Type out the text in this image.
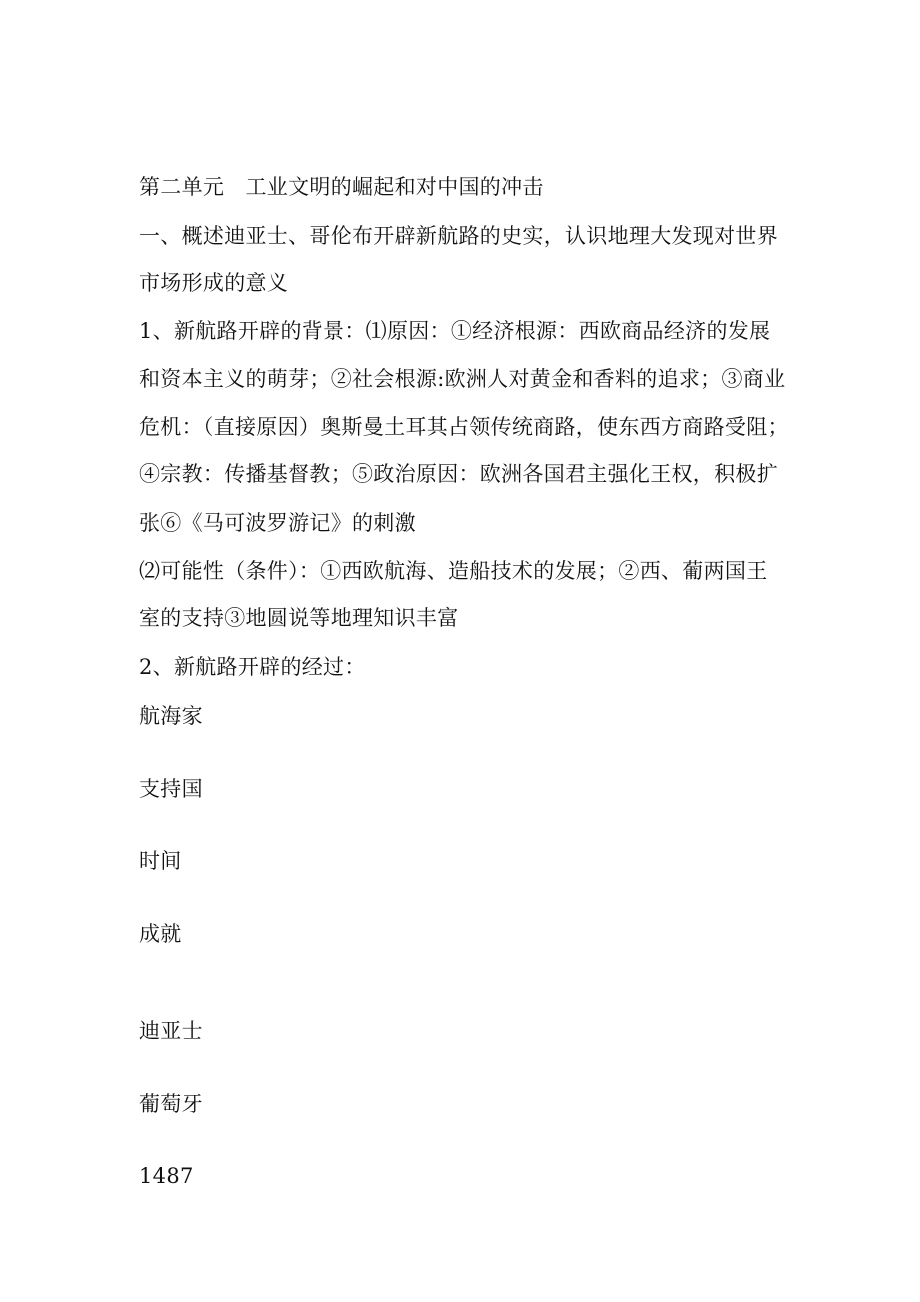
第二单元　工业文明的崛起和对中国的冲击
一、概述迪亚士、哥伦布开辟新航路的史实，认识地理大发现对世界
市场形成的意义
1、新航路开辟的背景：⑴原因：①经济根源：西欧商品经济的发展
和资本主义的萌芽；②社会根源:欧洲人对黄金和香料的追求；③商业
危机：（直接原因）奥斯曼土耳其占领传统商路，使东西方商路受阻；
④宗教：传播基督教；⑤政治原因：欧洲各国君主强化王权，积极扩
张⑥《马可波罗游记》的刺激
⑵可能性（条件）：①西欧航海、造船技术的发展；②西、葡两国王
室的支持③地圆说等地理知识丰富
2、新航路开辟的经过：
航海家
支持国
时间
成就
迪亚士
葡萄牙
1487
